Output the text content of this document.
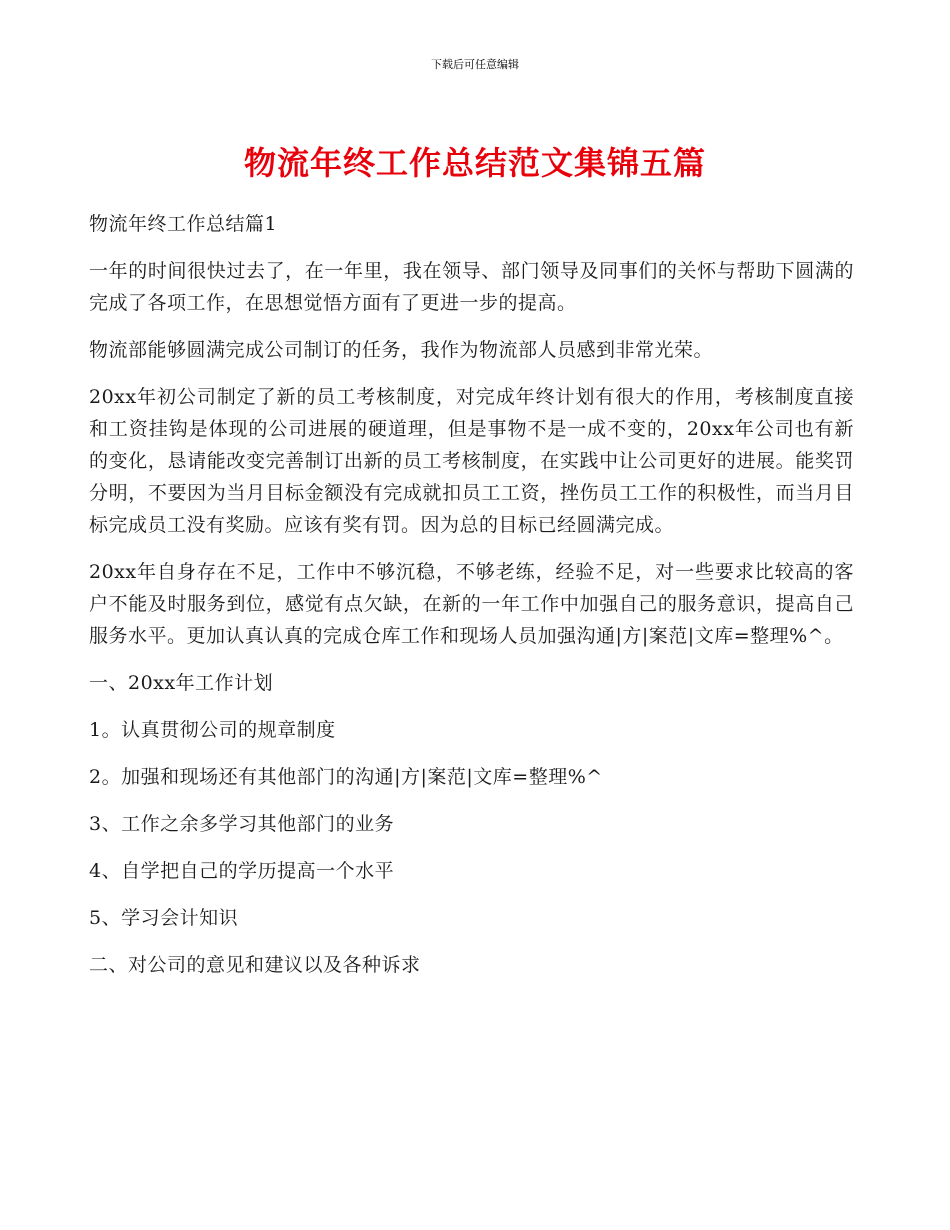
下载后可任意编辑
物流年终工作总结范文集锦五篇

物流年终工作总结篇1

一年的时间很快过去了，在一年里，我在领导、部门领导及同事们的关怀与帮助下圆满的完成了各项工作，在思想觉悟方面有了更进一步的提高。

物流部能够圆满完成公司制订的任务，我作为物流部人员感到非常光荣。

20xx年初公司制定了新的员工考核制度，对完成年终计划有很大的作用，考核制度直接和工资挂钩是体现的公司进展的硬道理，但是事物不是一成不变的，20xx年公司也有新的变化，恳请能改变完善制订出新的员工考核制度，在实践中让公司更好的进展。能奖罚分明，不要因为当月目标金额没有完成就扣员工工资，挫伤员工工作的积极性，而当月目标完成员工没有奖励。应该有奖有罚。因为总的目标已经圆满完成。

20xx年自身存在不足，工作中不够沉稳，不够老练，经验不足，对一些要求比较高的客户不能及时服务到位，感觉有点欠缺，在新的一年工作中加强自己的服务意识，提高自己服务水平。更加认真认真的完成仓库工作和现场人员加强沟通|方|案范|文库=整理%^。

一、20xx年工作计划

1。认真贯彻公司的规章制度

2。加强和现场还有其他部门的沟通|方|案范|文库=整理%^

3、工作之余多学习其他部门的业务

4、自学把自己的学历提高一个水平

5、学习会计知识

二、对公司的意见和建议以及各种诉求
